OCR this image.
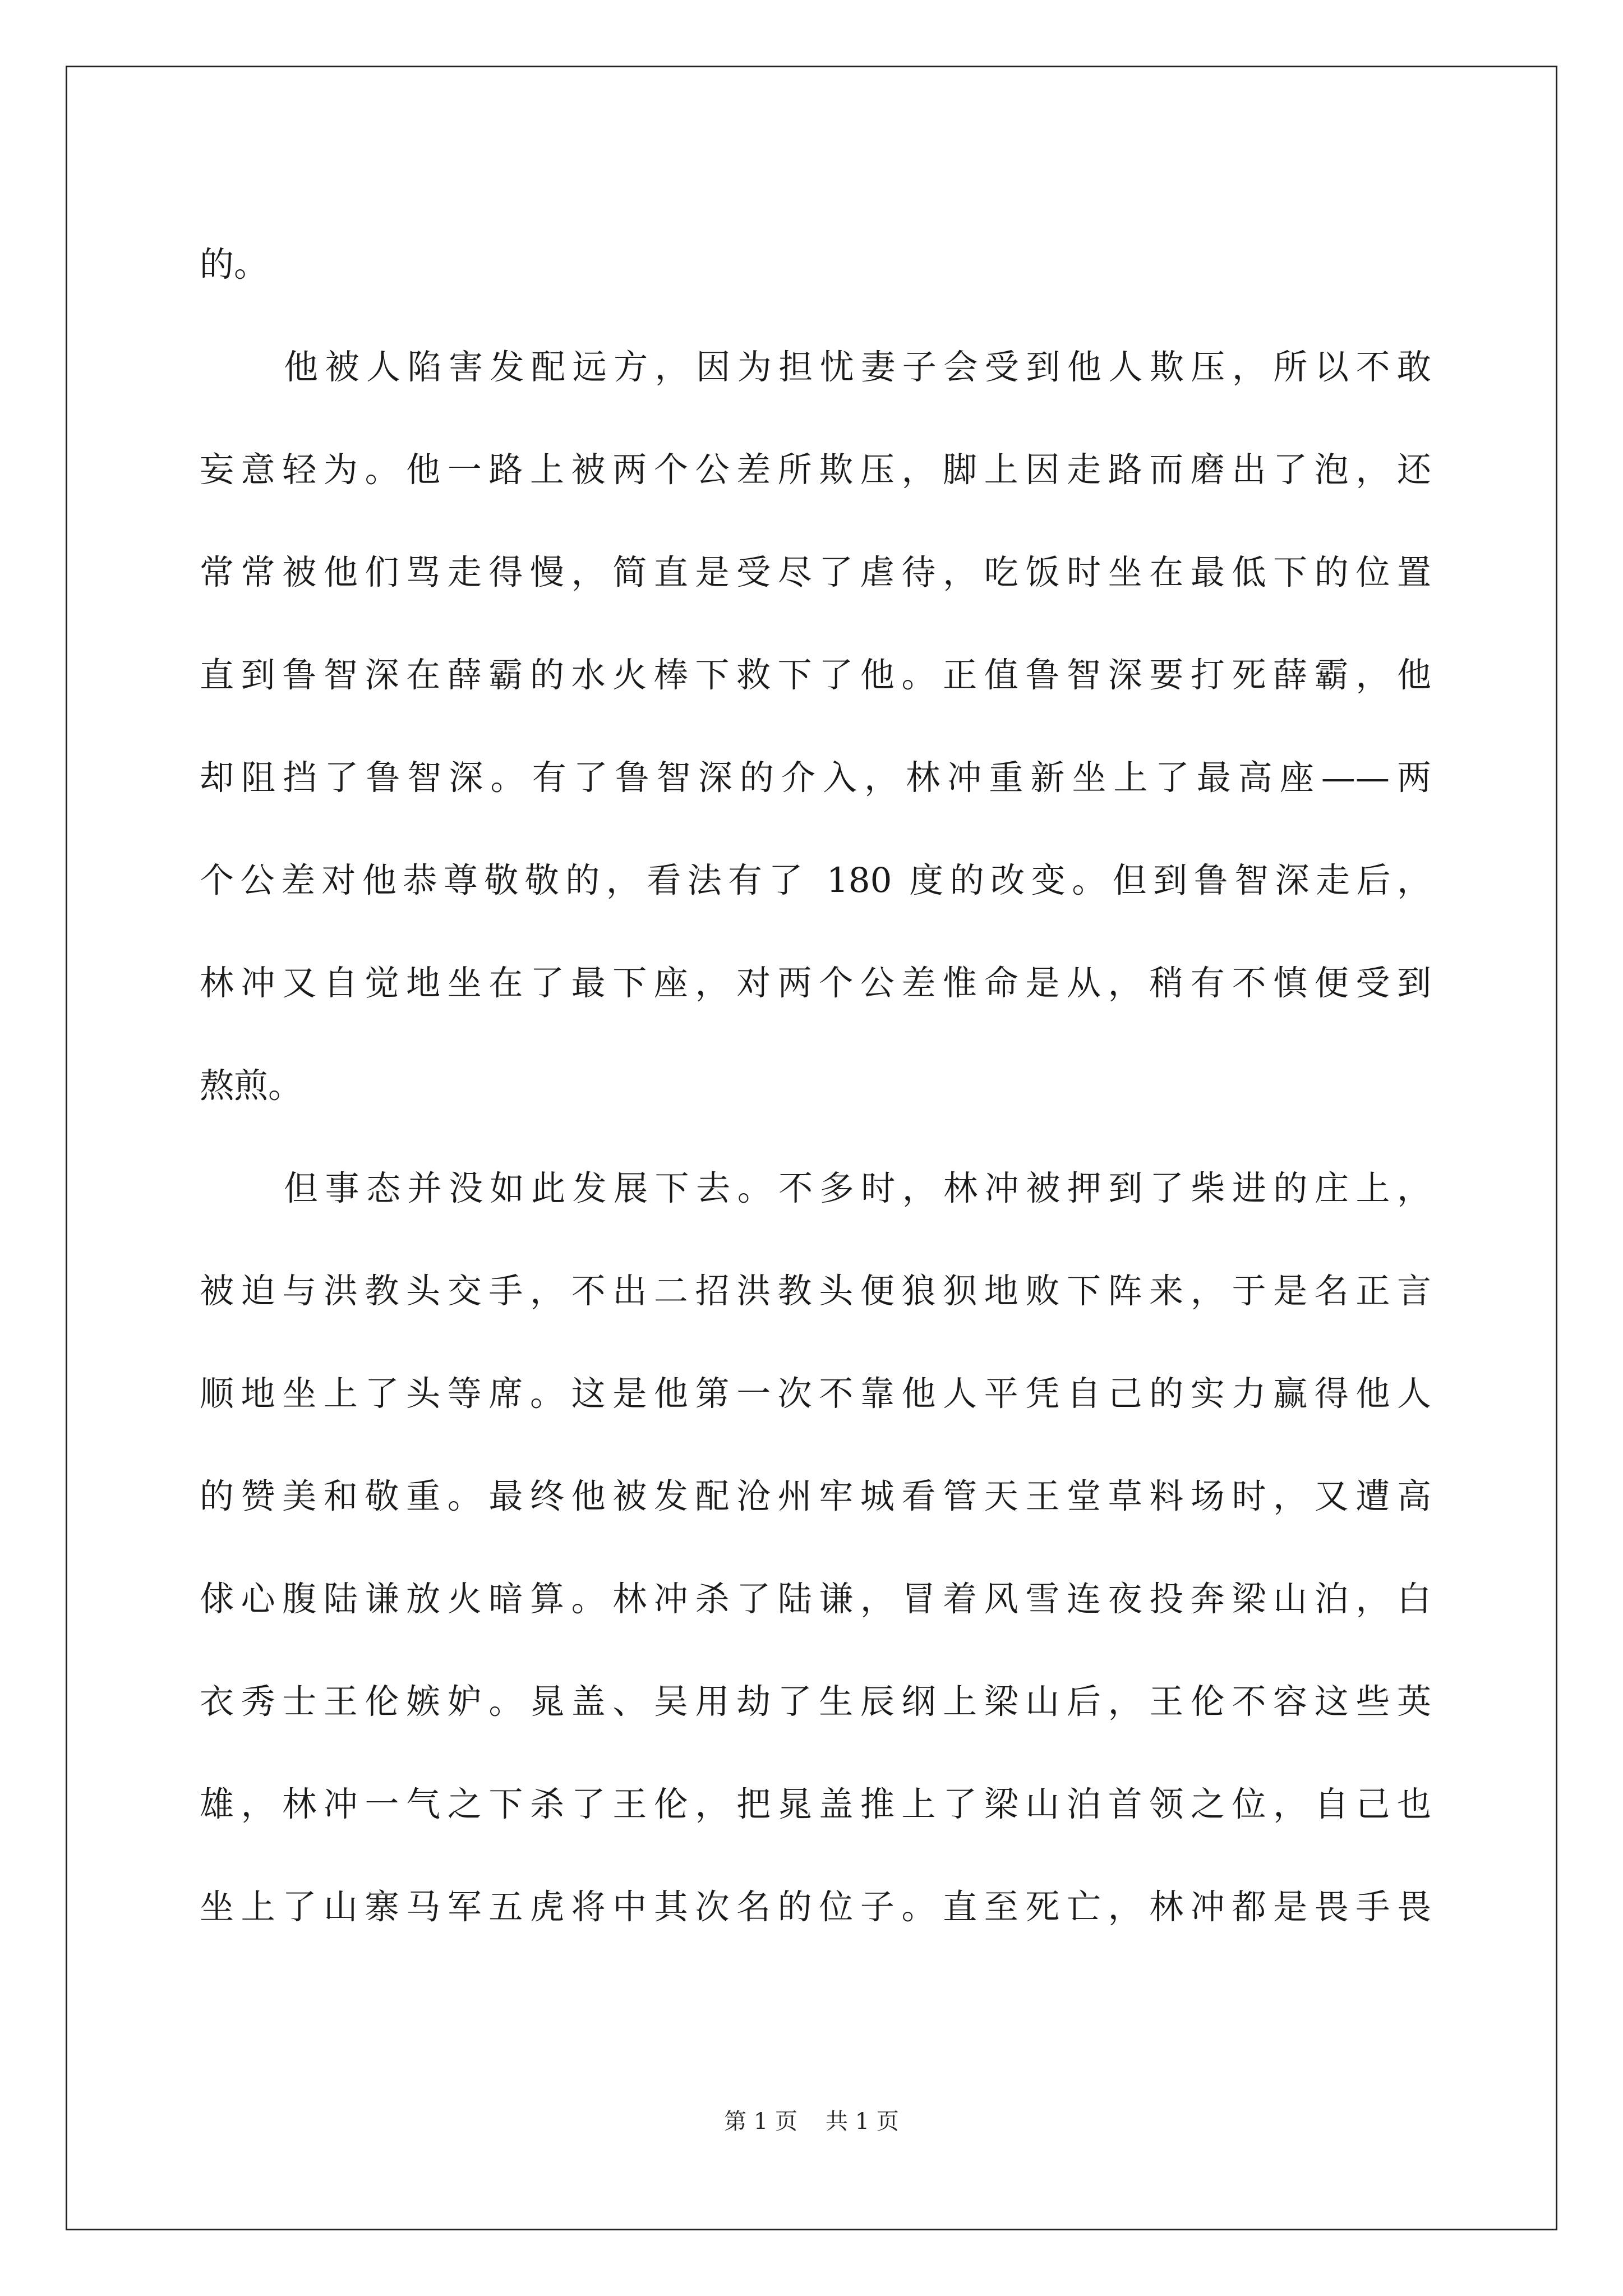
的。
他被人陷害发配远方，因为担忧妻子会受到他人欺压，所以不敢
妄意轻为。他一路上被两个公差所欺压，脚上因走路而磨出了泡，还
常常被他们骂走得慢，简直是受尽了虐待，吃饭时坐在最低下的位置
直到鲁智深在薛霸的水火棒下救下了他。正值鲁智深要打死薛霸，他
却阻挡了鲁智深。有了鲁智深的介入，林冲重新坐上了最高座——两
个公差对他恭尊敬敬的，看法有了 180 度的改变。但到鲁智深走后，
林冲又自觉地坐在了最下座，对两个公差惟命是从，稍有不慎便受到
熬煎。
但事态并没如此发展下去。不多时，林冲被押到了柴进的庄上，
被迫与洪教头交手，不出二招洪教头便狼狈地败下阵来，于是名正言
顺地坐上了头等席。这是他第一次不靠他人平凭自己的实力赢得他人
的赞美和敬重。最终他被发配沧州牢城看管天王堂草料场时，又遭高
俅心腹陆谦放火暗算。林冲杀了陆谦，冒着风雪连夜投奔梁山泊，白
衣秀士王伦嫉妒。晁盖、吴用劫了生辰纲上梁山后，王伦不容这些英
雄，林冲一气之下杀了王伦，把晁盖推上了梁山泊首领之位，自己也
坐上了山寨马军五虎将中其次名的位子。直至死亡，林冲都是畏手畏
第 1 页 共 1 页
